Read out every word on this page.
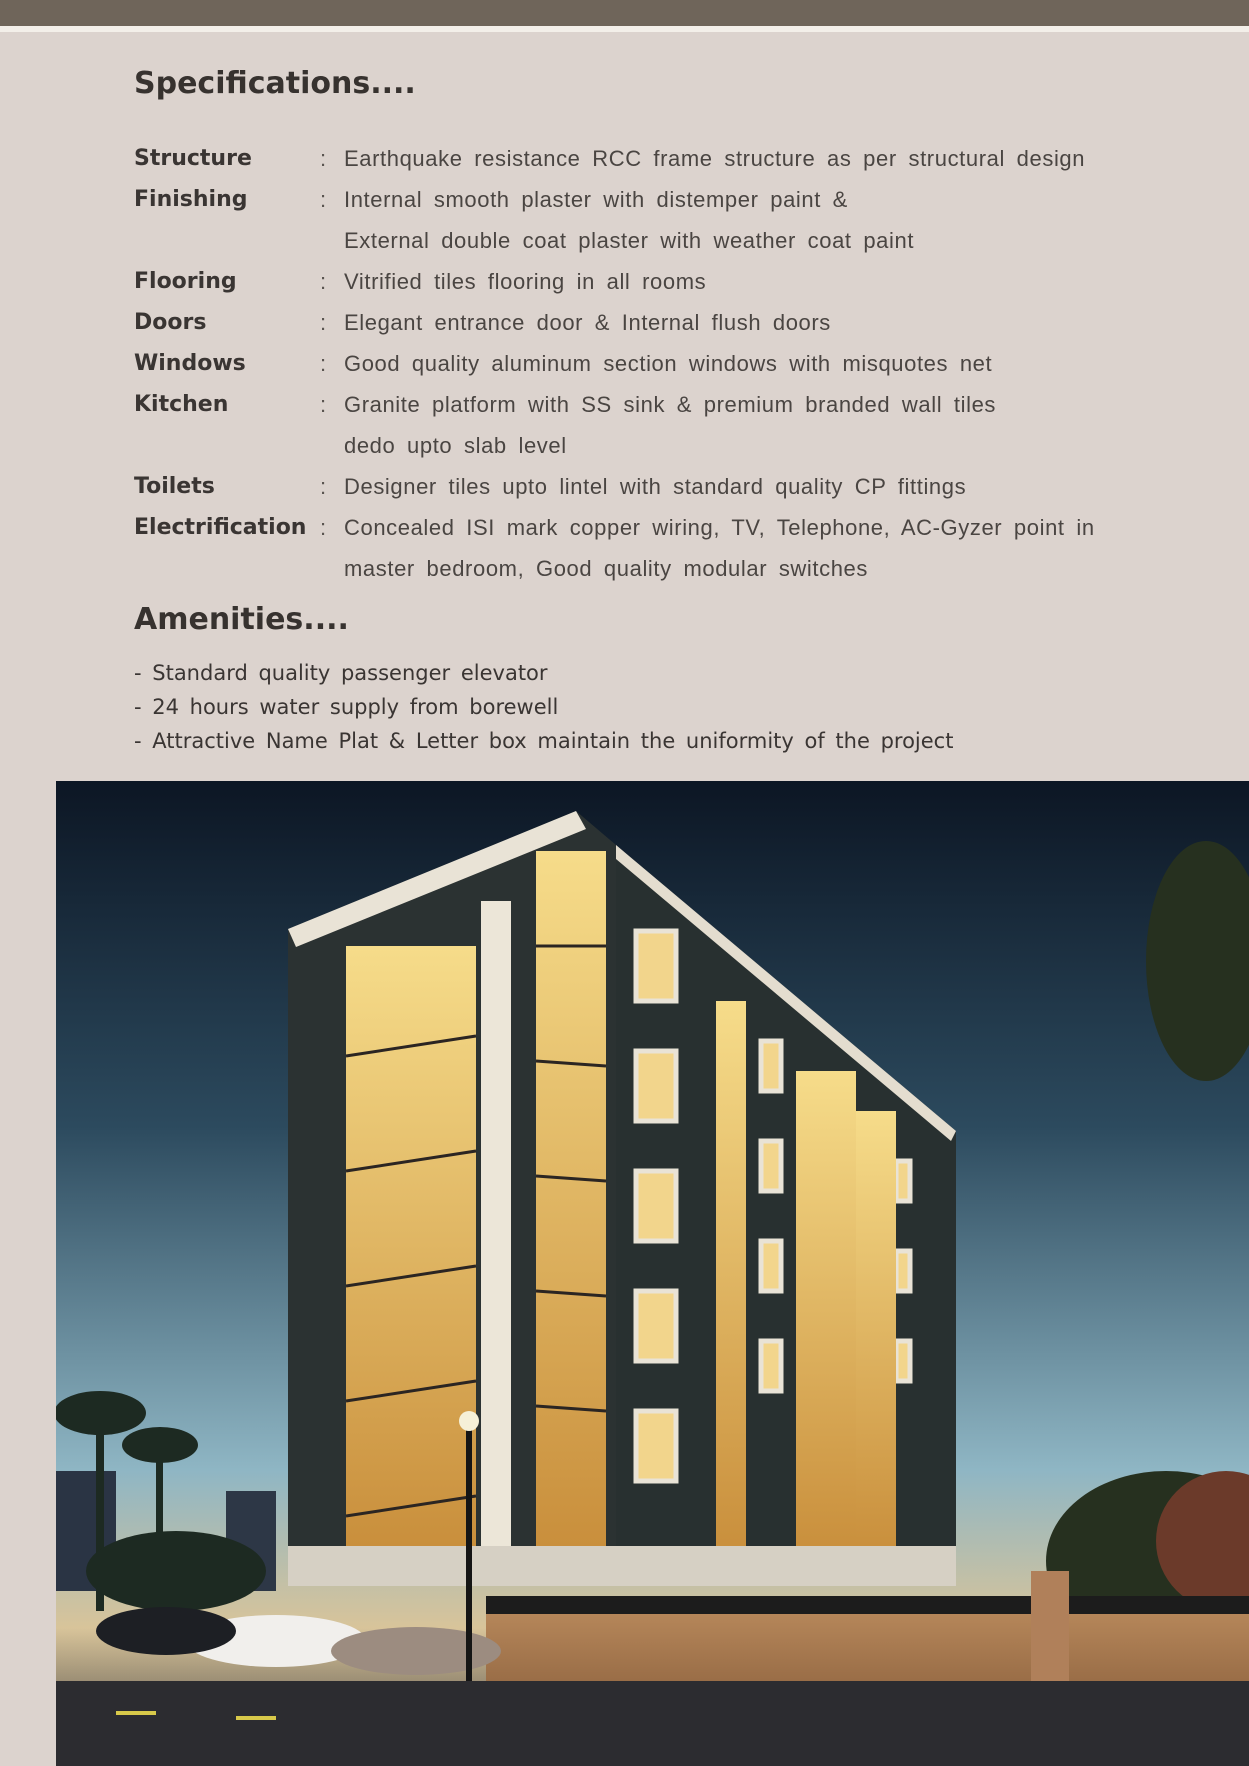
Specifications....
Structure	: Earthquake resistance RCC frame structure as per structural design
Finishing	: Internal smooth plaster with distemper paint &
External double coat plaster with weather coat paint
Flooring	: Vitrified tiles flooring in all rooms
Doors	: Elegant entrance door & Internal flush doors
Windows	: Good quality aluminum section windows with misquotes net
Kitchen	: Granite platform with SS sink & premium branded wall tiles
dedo upto slab level
Toilets	: Designer tiles upto lintel with standard quality CP fittings
Electrification : Concealed ISI mark copper wiring, TV, Telephone, AC-Gyzer point in
master bedroom, Good quality modular switches
Amenities....
- Standard quality passenger elevator
- 24 hours water supply from borewell
- Attractive Name Plat & Letter box maintain the uniformity of the project
